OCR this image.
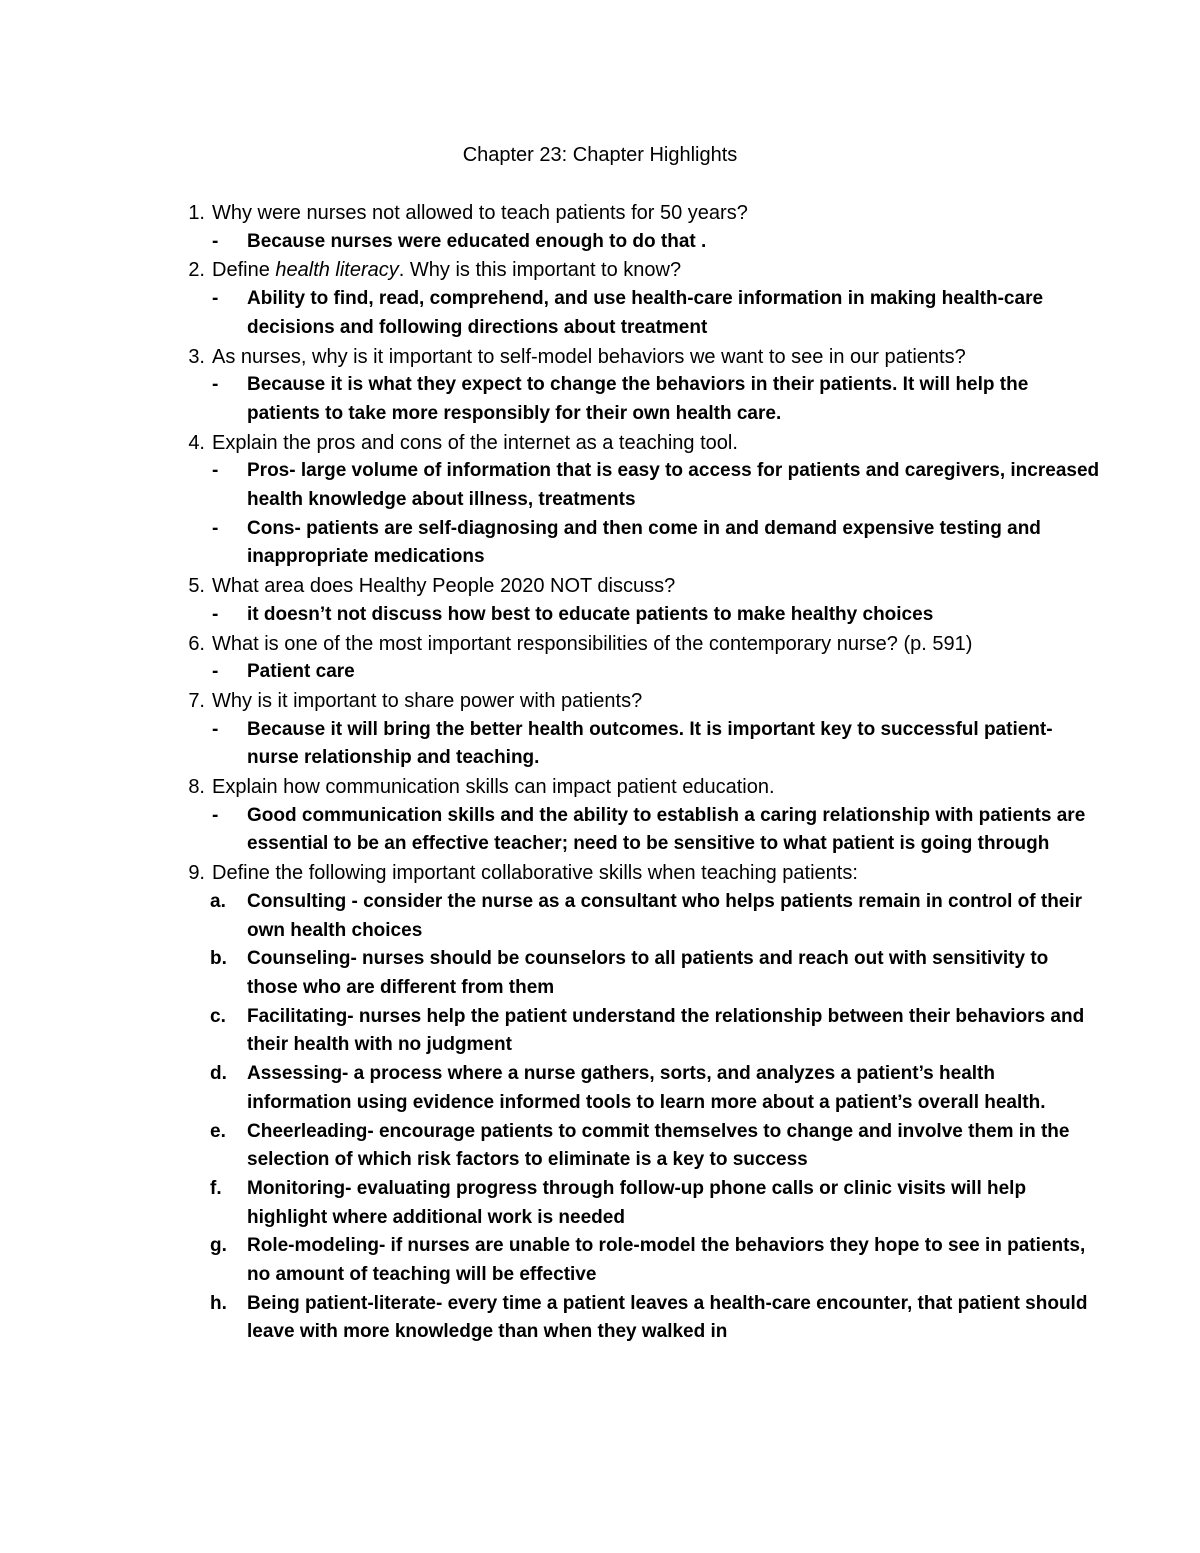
Chapter 23: Chapter Highlights
1. Why were nurses not allowed to teach patients for 50 years?
- Because nurses were educated enough to do that .
2. Define health literacy. Why is this important to know?
- Ability to find, read, comprehend, and use health-care information in making health-care decisions and following directions about treatment
3. As nurses, why is it important to self-model behaviors we want to see in our patients?
- Because it is what they expect to change the behaviors in their patients. It will help the patients to take more responsibly for their own health care.
4. Explain the pros and cons of the internet as a teaching tool.
- Pros- large volume of information that is easy to access for patients and caregivers, increased health knowledge about illness, treatments
- Cons- patients are self-diagnosing and then come in and demand expensive testing and inappropriate medications
5. What area does Healthy People 2020 NOT discuss?
- it doesn’t not discuss how best to educate patients to make healthy choices
6. What is one of the most important responsibilities of the contemporary nurse? (p. 591)
- Patient care
7. Why is it important to share power with patients?
- Because it will bring the better health outcomes. It is important key to successful patient- nurse relationship and teaching.
8. Explain how communication skills can impact patient education.
- Good communication skills and the ability to establish a caring relationship with patients are essential to be an effective teacher; need to be sensitive to what patient is going through
9. Define the following important collaborative skills when teaching patients:
a. Consulting - consider the nurse as a consultant who helps patients remain in control of their own health choices
b. Counseling- nurses should be counselors to all patients and reach out with sensitivity to those who are different from them
c. Facilitating- nurses help the patient understand the relationship between their behaviors and their health with no judgment
d. Assessing- a process where a nurse gathers, sorts, and analyzes a patient’s health information using evidence informed tools to learn more about a patient’s overall health.
e. Cheerleading- encourage patients to commit themselves to change and involve them in the selection of which risk factors to eliminate is a key to success
f. Monitoring- evaluating progress through follow-up phone calls or clinic visits will help highlight where additional work is needed
g. Role-modeling- if nurses are unable to role-model the behaviors they hope to see in patients, no amount of teaching will be effective
h. Being patient-literate- every time a patient leaves a health-care encounter, that patient should leave with more knowledge than when they walked in
